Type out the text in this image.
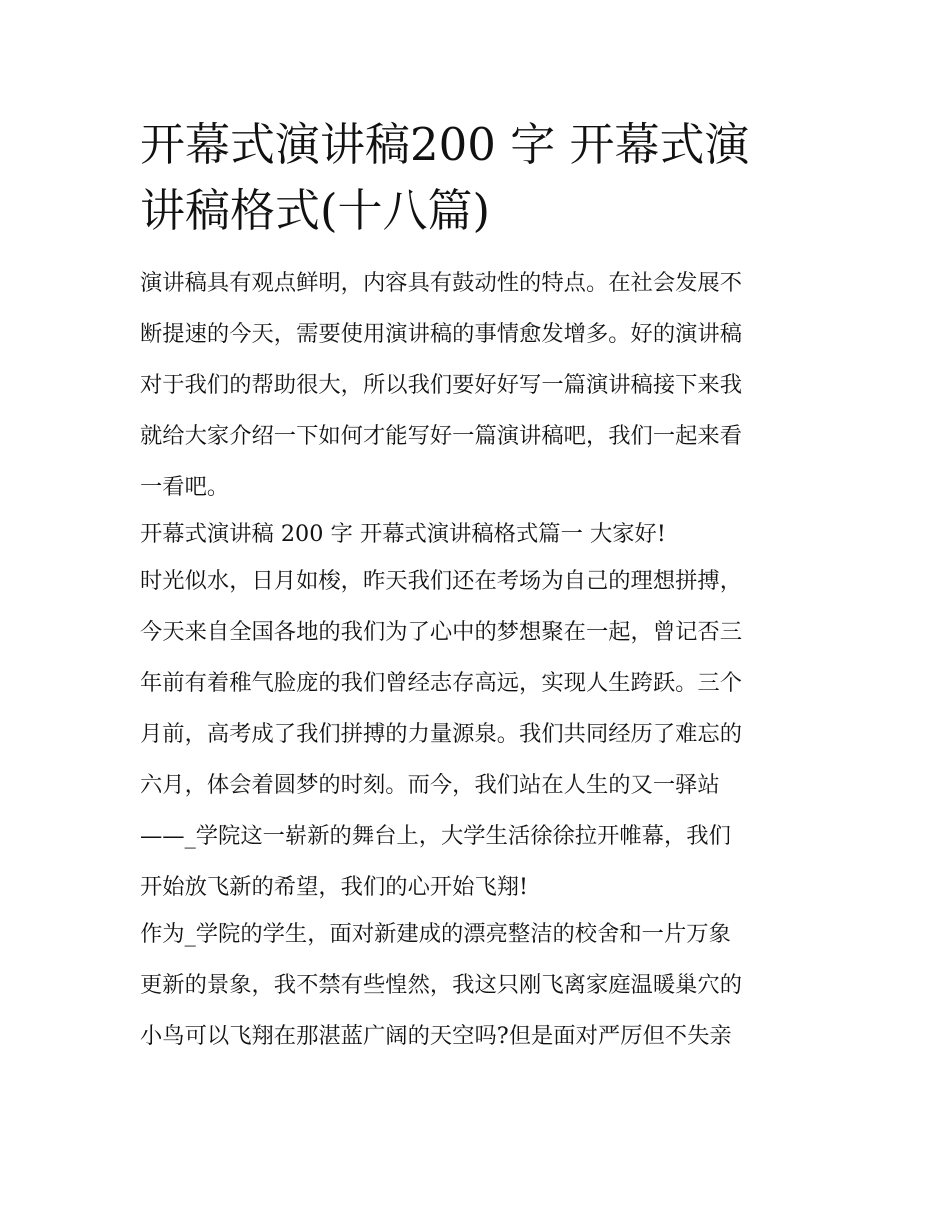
开幕式演讲稿200 字 开幕式演
讲稿格式(十八篇)
演讲稿具有观点鲜明，内容具有鼓动性的特点。在社会发展不
断提速的今天，需要使用演讲稿的事情愈发增多。好的演讲稿
对于我们的帮助很大，所以我们要好好写一篇演讲稿接下来我
就给大家介绍一下如何才能写好一篇演讲稿吧，我们一起来看
一看吧。
开幕式演讲稿 200 字 开幕式演讲稿格式篇一 大家好!
时光似水，日月如梭，昨天我们还在考场为自己的理想拼搏，
今天来自全国各地的我们为了心中的梦想聚在一起，曾记否三
年前有着稚气脸庞的我们曾经志存高远，实现人生跨跃。三个
月前，高考成了我们拼搏的力量源泉。我们共同经历了难忘的
六月，体会着圆梦的时刻。而今，我们站在人生的又一驿站
——_学院这一崭新的舞台上，大学生活徐徐拉开帷幕，我们
开始放飞新的希望，我们的心开始飞翔!
作为_学院的学生，面对新建成的漂亮整洁的校舍和一片万象
更新的景象，我不禁有些惶然，我这只刚飞离家庭温暖巢穴的
小鸟可以飞翔在那湛蓝广阔的天空吗?但是面对严厉但不失亲
